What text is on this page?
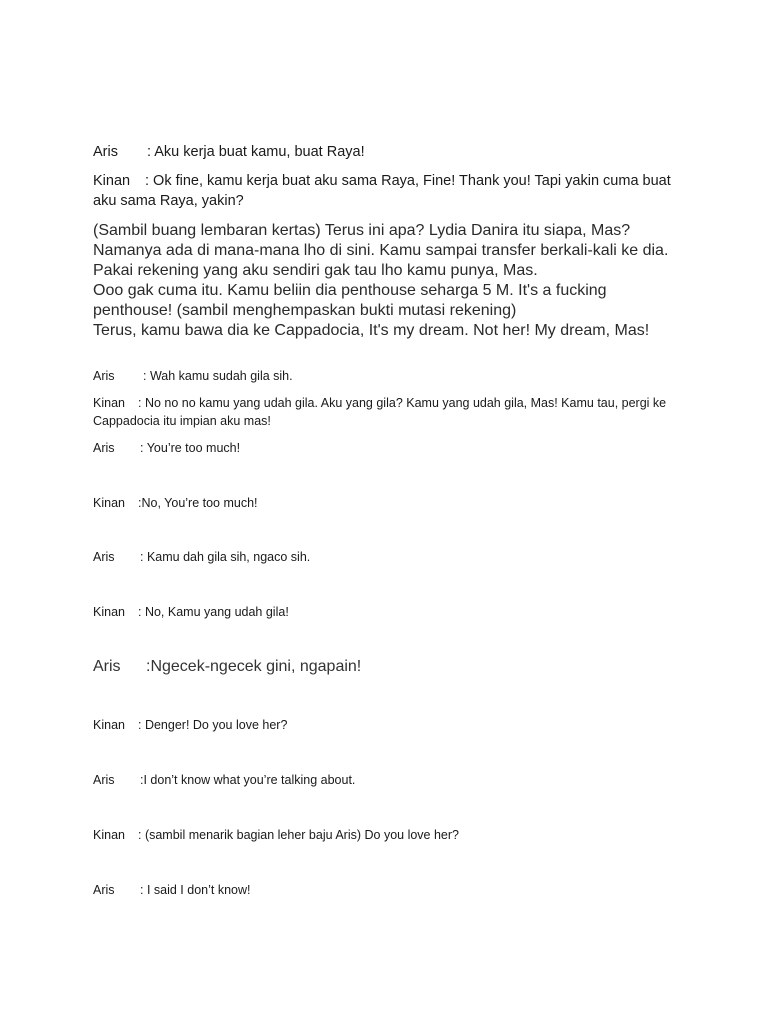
Aris : Aku kerja buat kamu, buat Raya!
Kinan : Ok fine, kamu kerja buat aku sama Raya, Fine! Thank you! Tapi yakin cuma buat aku sama Raya, yakin?

(Sambil buang lembaran kertas) Terus ini apa? Lydia Danira itu siapa, Mas? Namanya ada di mana-mana lho di sini. Kamu sampai transfer berkali-kali ke dia. Pakai rekening yang aku sendiri gak tau lho kamu punya, Mas.

Ooo gak cuma itu. Kamu beliin dia penthouse seharga 5 M. It's a fucking penthouse! (sambil menghempaskan bukti mutasi rekening)

Terus, kamu bawa dia ke Cappadocia, It's my dream. Not her! My dream, Mas!

Aris : Wah kamu sudah gila sih.
Kinan : No no no kamu yang udah gila. Aku yang gila? Kamu yang udah gila, Mas! Kamu tau, pergi ke Cappadocia itu impian aku mas!
Aris : You’re too much!
Kinan :No, You’re too much!
Aris : Kamu dah gila sih, ngaco sih.
Kinan : No, Kamu yang udah gila!
Aris :Ngecek-ngecek gini, ngapain!
Kinan : Denger! Do you love her?
Aris :I don’t know what you’re talking about.
Kinan : (sambil menarik bagian leher baju Aris) Do you love her?
Aris : I said I don’t know!
